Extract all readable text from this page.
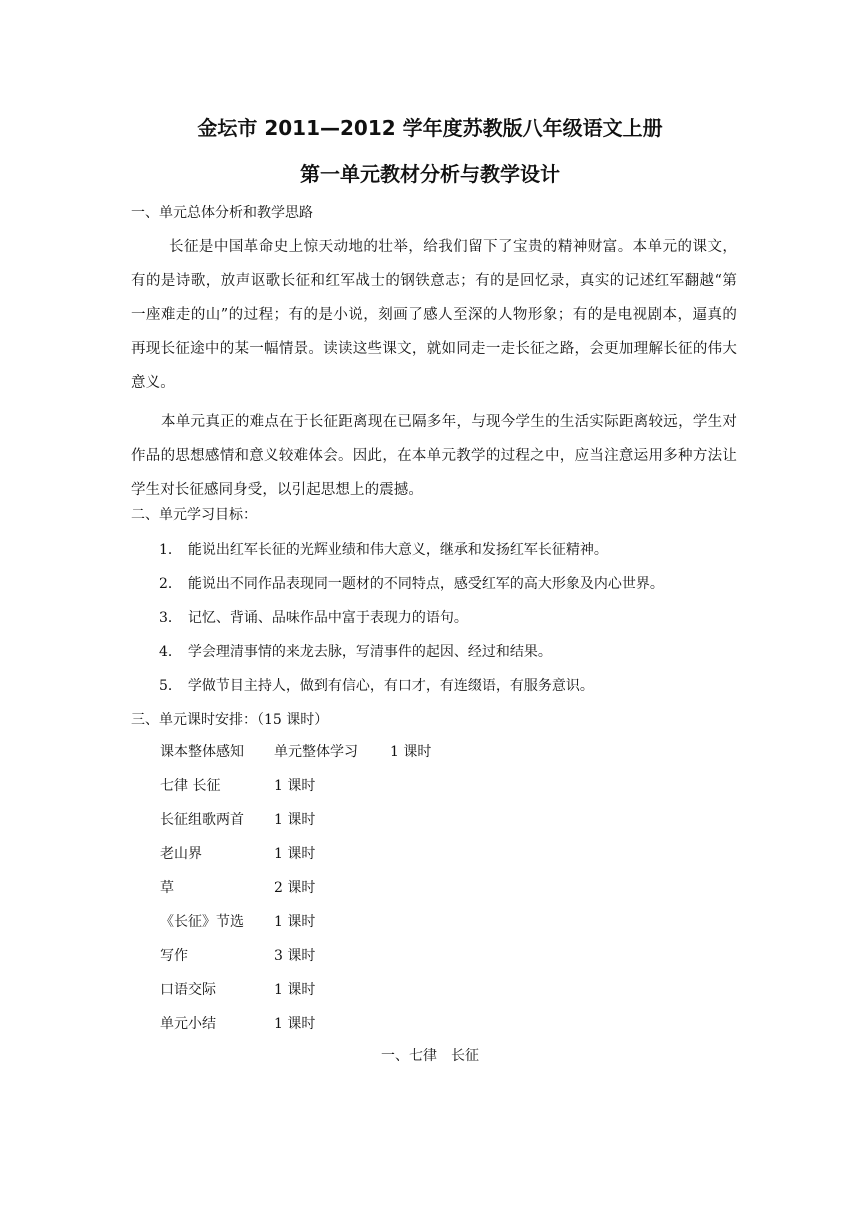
金坛市 2011—2012 学年度苏教版八年级语文上册
第一单元教材分析与教学设计
一、单元总体分析和教学思路
长征是中国革命史上惊天动地的壮举，给我们留下了宝贵的精神财富。本单元的课文，有的是诗歌，放声讴歌长征和红军战士的钢铁意志；有的是回忆录，真实的记述红军翻越“第一座难走的山”的过程；有的是小说，刻画了感人至深的人物形象；有的是电视剧本，逼真的再现长征途中的某一幅情景。读读这些课文，就如同走一走长征之路，会更加理解长征的伟大意义。
本单元真正的难点在于长征距离现在已隔多年，与现今学生的生活实际距离较远，学生对作品的思想感情和意义较难体会。因此，在本单元教学的过程之中，应当注意运用多种方法让学生对长征感同身受，以引起思想上的震撼。
二、单元学习目标：
1． 能说出红军长征的光辉业绩和伟大意义，继承和发扬红军长征精神。
2． 能说出不同作品表现同一题材的不同特点，感受红军的高大形象及内心世界。
3． 记忆、背诵、品味作品中富于表现力的语句。
4． 学会理清事情的来龙去脉，写清事件的起因、经过和结果。
5． 学做节目主持人，做到有信心，有口才，有连缀语，有服务意识。
三、单元课时安排：（15 课时）
课本整体感知 单元整体学习 1 课时
七律 长征	1 课时
长征组歌两首 1 课时
老山界	1 课时
草	2 课时
《长征》节选 1 课时
写作	3 课时
口语交际	1 课时
单元小结	1 课时
一、七律　长征
